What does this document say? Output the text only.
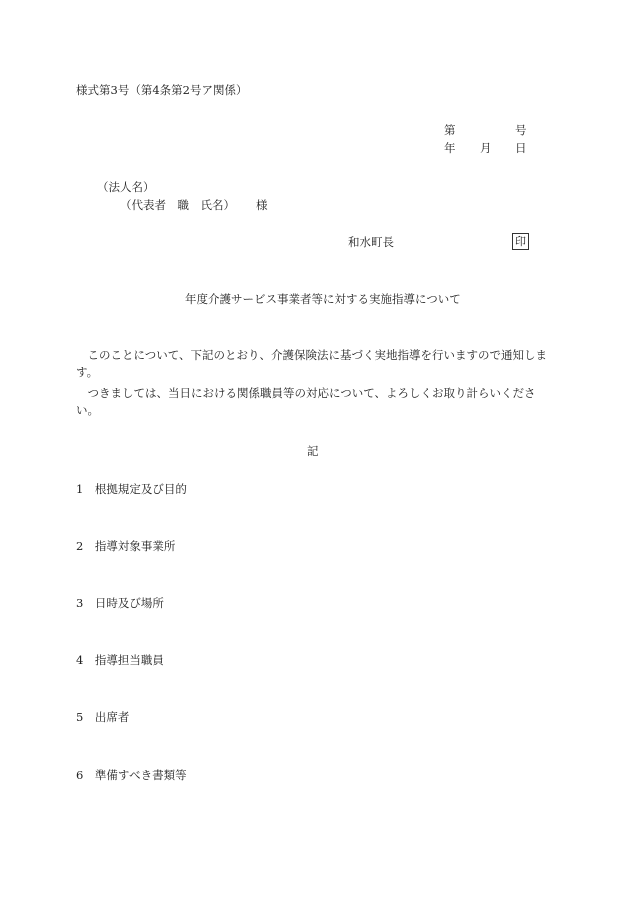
様式第3号（第4条第2号ア関係）
第	号
年 月 日
（法人名）
（代表者　職　氏名） 様
和水町長	印
年度介護サービス事業者等に対する実施指導について
　このことについて、下記のとおり、介護保険法に基づく実地指導を行いますので通知します。
　つきましては、当日における関係職員等の対応について、よろしくお取り計らいください。
記
1　根拠規定及び目的
2　指導対象事業所
3　日時及び場所
4　指導担当職員
5　出席者
6　準備すべき書類等
